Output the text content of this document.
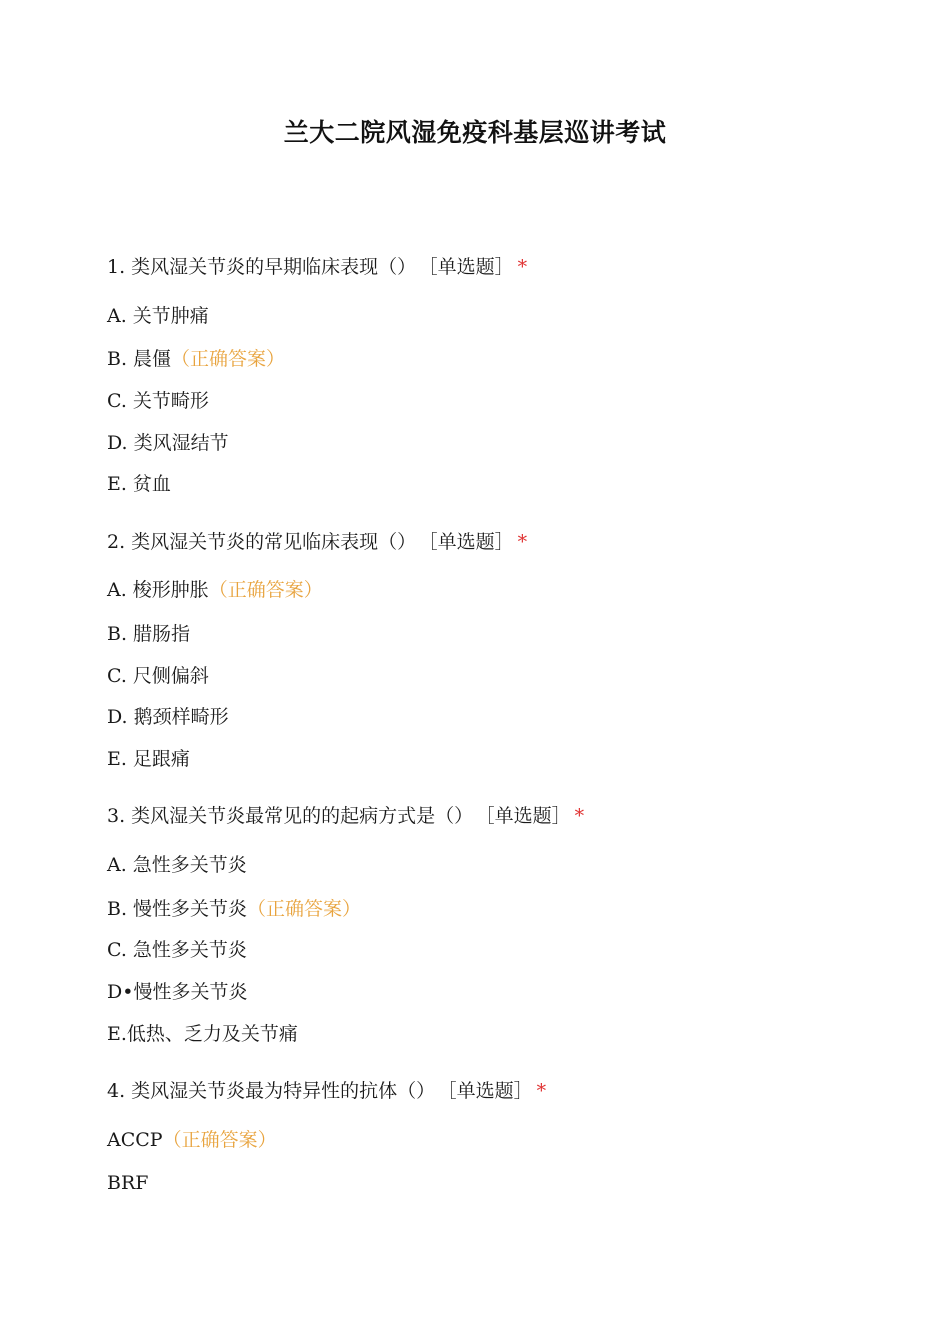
兰大二院风湿免疫科基层巡讲考试
1. 类风湿关节炎的早期临床表现（） ［单选题］ *
A. 关节肿痛
B. 晨僵（正确答案）
C. 关节畸形
D. 类风湿结节
E. 贫血
2. 类风湿关节炎的常见临床表现（） ［单选题］ *
A. 梭形肿胀（正确答案）
B. 腊肠指
C. 尺侧偏斜
D. 鹅颈样畸形
E. 足跟痛
3. 类风湿关节炎最常见的的起病方式是（） ［单选题］ *
A. 急性多关节炎
B. 慢性多关节炎（正确答案）
C. 急性多关节炎
D•慢性多关节炎
E.低热、乏力及关节痛
4. 类风湿关节炎最为特异性的抗体（） ［单选题］ *
ACCP（正确答案）
BRF
